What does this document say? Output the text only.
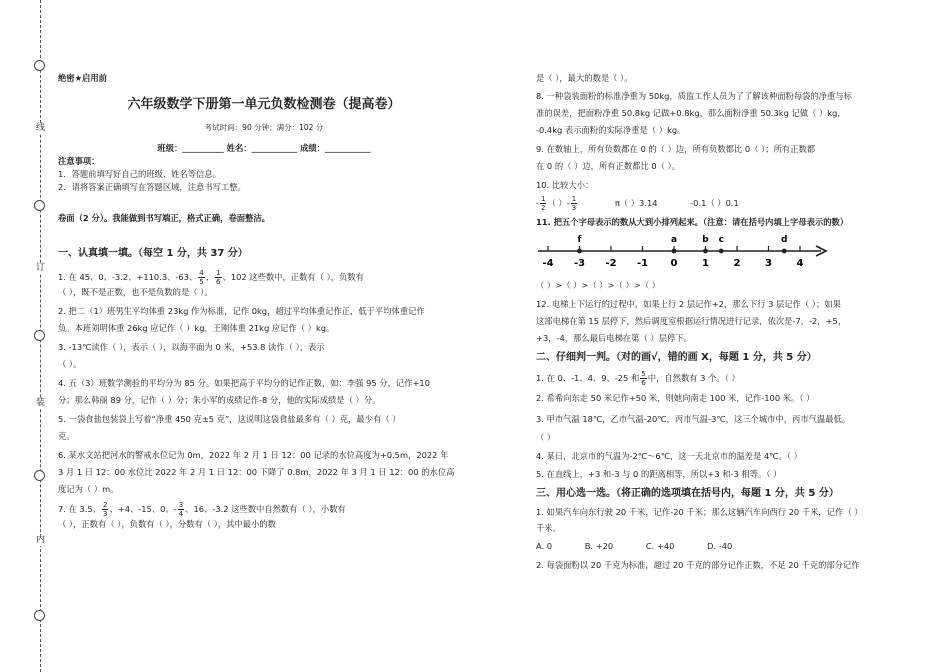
线
订
装
内

绝密★启用前

六年级数学下册第一单元负数检测卷（提高卷）

考试时间：90 分钟；满分：102 分

班级：__________ 姓名：___________ 成绩：___________

注意事项：

1．答题前填写好自己的班级、姓名等信息。

2．请将答案正确填写在答题区域，注意书写工整。

卷面（2 分）。我能做到书写端正，格式正确，卷面整洁。

一、认真填一填。（每空 1 分，共 37 分）

1. 在 45、0、-3.2、+110.3、-63、 $\frac{4}{5}$ 、 $\frac{1}{6}$ 、102 这些数中，正数有（ ），负数有

（ ），既不是正数，也不是负数的是（ ）。

2. 把二（1）班男生平均体重 23kg 作为标准，记作 0kg，超过平均体重记作正，低于平均体重记作

负。本班刘明体重 26kg 应记作（ ）kg，王刚体重 21kg 应记作（ ）kg。

3. -13℃读作（ ），表示（ ），以海平面为 0 米，+53.8 读作（ ），表示

（ ）。

4. 五（3）班数学测验的平均分为 85 分。如果把高于平均分的记作正数，如：李强 95 分，记作+10

分；那么韩丽 89 分，记作（ ）分；朱小军的成绩记作-8 分，他的实际成绩是（ ）分。

5. 一袋食盐包装袋上写着“净重 450 克±5 克”，这说明这袋食盐最多有（ ）克，最少有（ ）

克。

6. 某水文站把河水的警戒水位记为 0m，2022 年 2 月 1 日 12：00 记录的水位高度为+0.5m，2022 年

3 月 1 日 12：00 水位比 2022 年 2 月 1 日 12：00 下降了 0.8m，2022 年 3 月 1 日 12：00 的水位高

度记为（ ）m。

7. 在 3.5、 $\frac{2}{3}$ 、+4、-15、0、- $\frac{3}{4}$ 、16、-3.2 这些数中自然数有（ ），小数有

（ ），正数有（ ），负数有（ ），分数有（ ），其中最小的数

是（ ），最大的数是（ ）。

8. 一种袋装面粉的标准净重为 50kg，质监工作人员为了了解该种面粉每袋的净重与标

准的误差，把面粉净重 50.8kg 记做+0.8kg，那么面粉净重 50.3kg 记做（ ）kg，

-0.4kg 表示面粉的实际净重是（ ）kg。

9. 在数轴上，所有负数都在 0 的（ ）边，所有负数都比 0（ ）；所有正数都

在 0 的（ ）边，所有正数都比 0（ ）。

10. 比较大小：

- $\frac{1}{2}$ （ ）- $\frac{1}{3}$	π（ ）3.14	-0.1（ ）0.1

11. 把五个字母表示的数从大到小排列起来。（注意：请在括号内填上字母表示的数）

-4 -3 -2 -1 0 1 2 3 4
f	a	b c	d

（ ）>（ ）>（ ）>（ ）>（ ）

12. 电梯上下运行的过程中，如果上行 2 层记作+2，那么下行 3 层记作（ ）；如果

这部电梯在第 15 层停下，然后调度室根据运行情况进行记录，依次是-7，-2，+5，

+3，-4，那么最后电梯在第（ ）层停下。

二、仔细判一判。（对的画√，错的画 X，每题 1 分，共 5 分）

1. 在 0、-1、4、9、-25 和 $\frac{5}{6}$ 中，自然数有 3 个。（ ）

2. 希希向东走 50 米记作+50 米，则她向南走 100 米，记作-100 米。（ ）

3. 甲市气温 18℃，乙市气温-20℃，丙市气温-3℃，这三个城市中，丙市气温最低。

（ ）

4. 某日，北京市的气温为-2℃～6℃，这一天北京市的温差是 4℃。（ ）

5. 在直线上，+3 和-3 与 0 的距离相等，所以+3 和-3 相等。（ ）

三、用心选一选。（将正确的选项填在括号内，每题 1 分，共 5 分）

1. 如果汽车向东行驶 20 千米，记作-20 千米；那么这辆汽车向西行 20 千米，记作（ ）

千米。

A. 0	B. +20	C. +40	D. -40

2. 每袋面粉以 20 千克为标准，超过 20 千克的部分记作正数，不足 20 千克的部分记作
